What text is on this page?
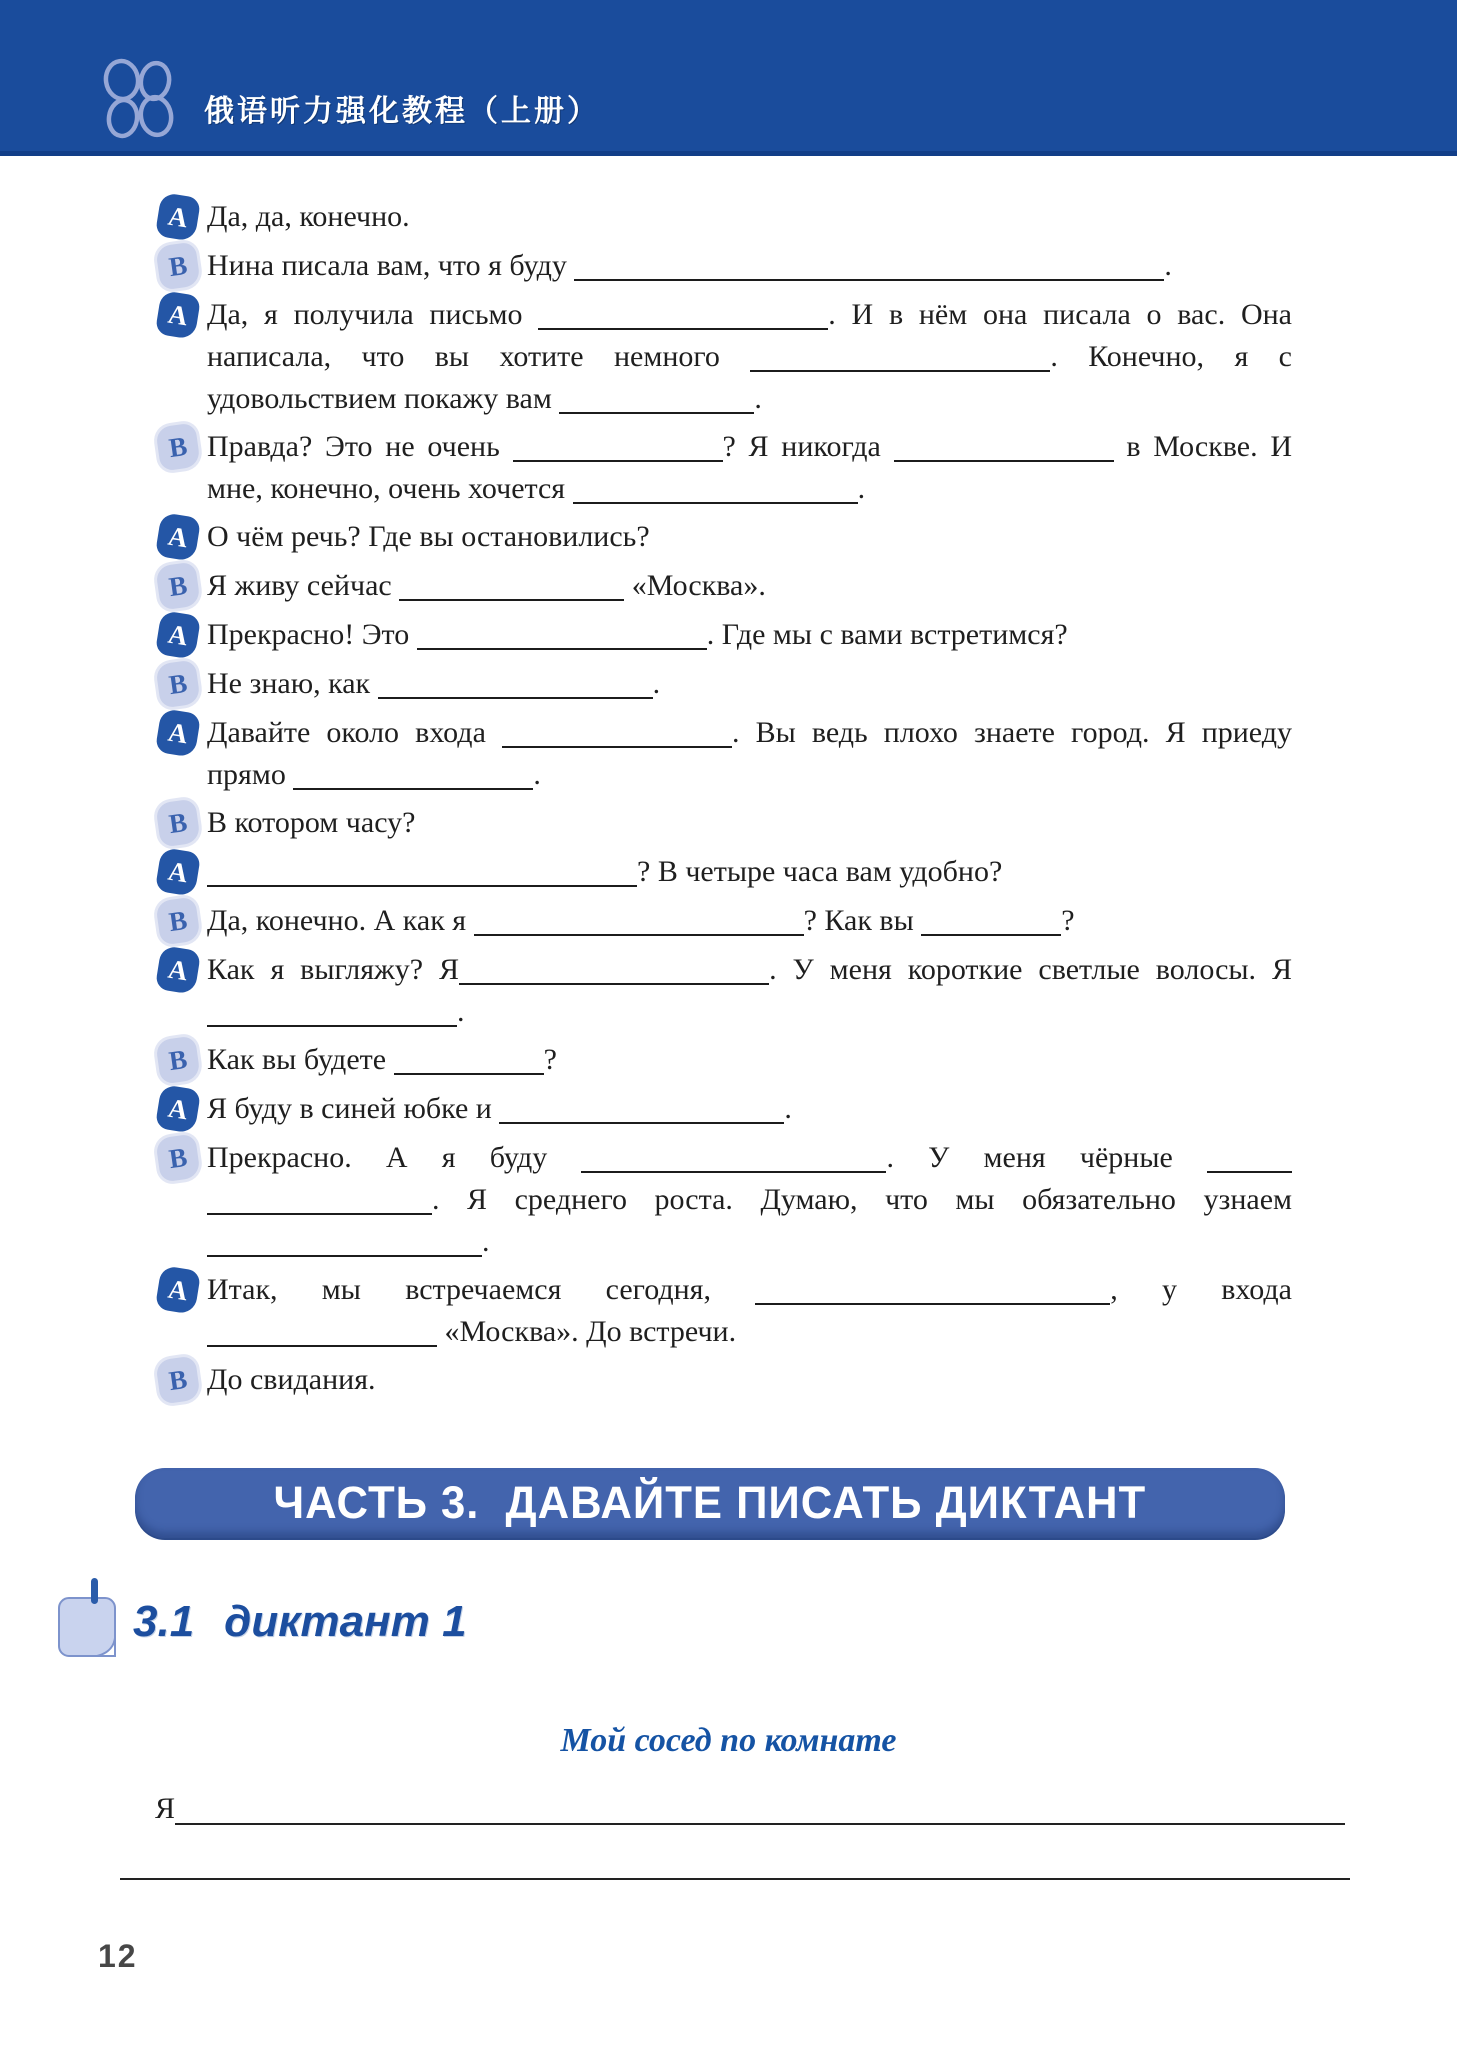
俄语听力强化教程（上册）
A Да, да, конечно.

B Нина писала вам, что я буду	.

A Да, я получила письмо	. И в нём она писала о вас. Она написала, что вы хотите немного	. Конечно, я с удовольствием покажу вам	.

B Правда? Это не очень	? Я никогда	в Москве. И мне, конечно, очень хочется	.

A О чём речь? Где вы остановились?

B Я живу сейчас	«Москва».

A Прекрасно! Это	. Где мы с вами встретимся?

B Не знаю, как	.

A Давайте около входа	. Вы ведь плохо знаете город. Я приеду прямо	.

B В котором часу?

A	? В четыре часа вам удобно?

B Да, конечно. А как я	? Как вы	?

A Как я выгляжу? Я	. У меня короткие светлые волосы. Я .

B Как вы будете	?

A Я буду в синей юбке и	.

B Прекрасно. А я буду	. У меня чёрные  . Я среднего роста. Думаю, что мы обязательно узнаем .

A Итак, мы встречаемся сегодня,	, у входа  «Москва». До встречи.

B До свидания.

ЧАСТЬ 3.  ДАВАЙТЕ ПИСАТЬ ДИКТАНТ
3.1 диктант 1
Мой сосед по комнате
Я
12
